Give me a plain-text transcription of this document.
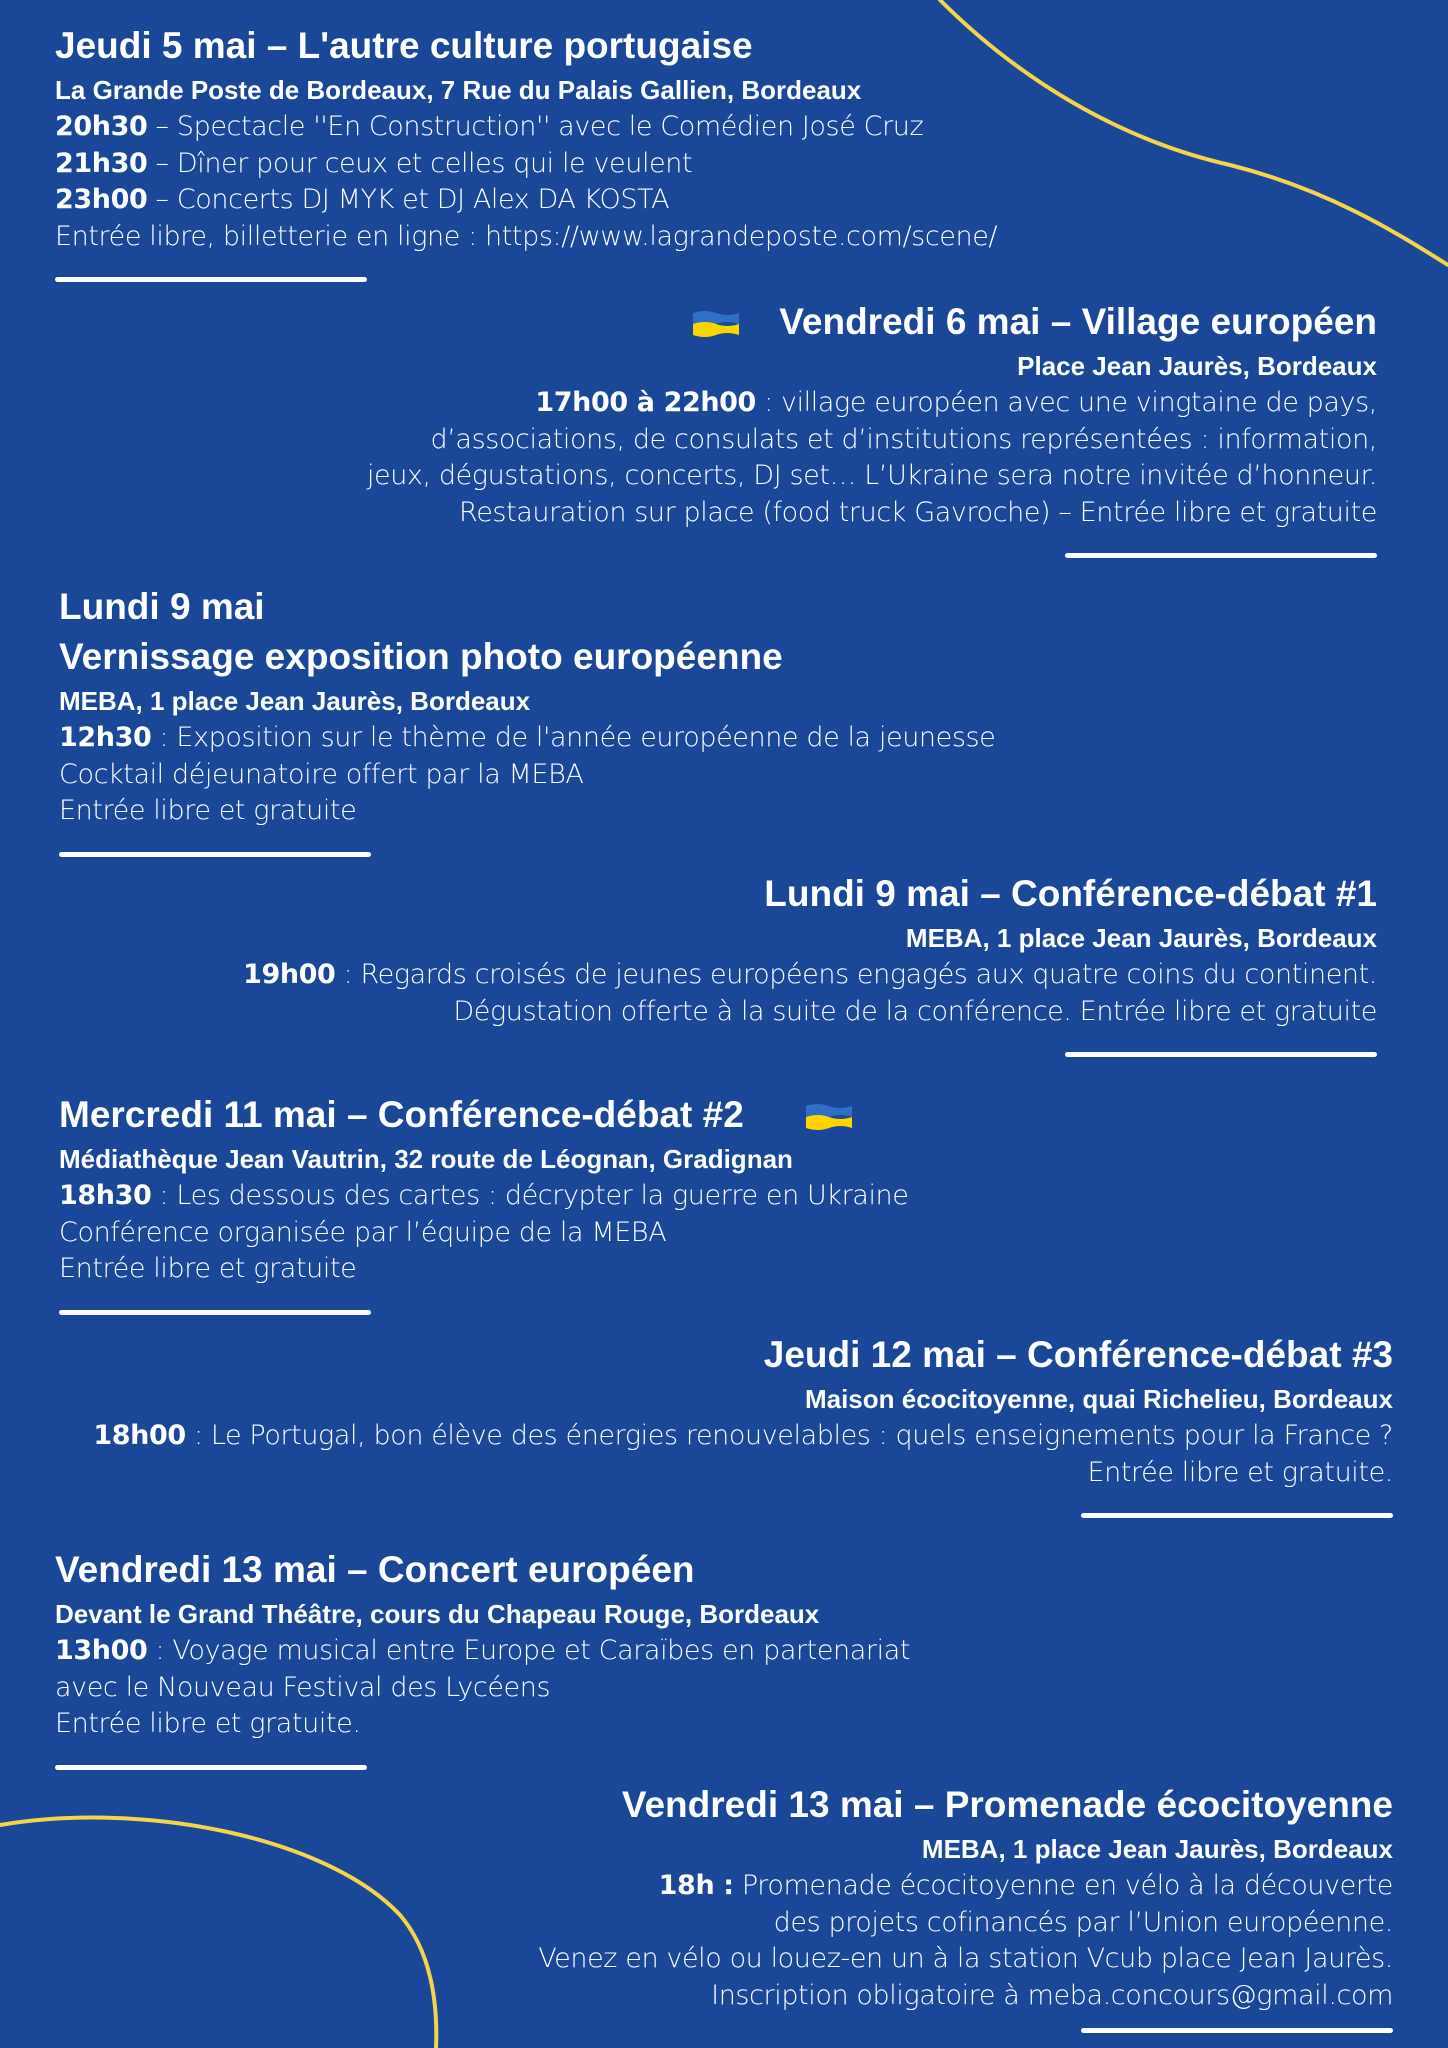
Jeudi 5 mai – L'autre culture portugaise
La Grande Poste de Bordeaux, 7 Rue du Palais Gallien, Bordeaux
20h30 – Spectacle ''En Construction'' avec le Comédien José Cruz
21h30 – Dîner pour ceux et celles qui le veulent
23h00 – Concerts DJ MYK et DJ Alex DA KOSTA
Entrée libre, billetterie en ligne : https://www.lagrandeposte.com/scene/
Vendredi 6 mai – Village européen
Place Jean Jaurès, Bordeaux
17h00 à 22h00 : village européen avec une vingtaine de pays,
d’associations, de consulats et d’institutions représentées : information,
jeux, dégustations, concerts, DJ set… L’Ukraine sera notre invitée d’honneur.
Restauration sur place (food truck Gavroche) – Entrée libre et gratuite
Lundi 9 mai
Vernissage exposition photo européenne
MEBA, 1 place Jean Jaurès, Bordeaux
12h30 : Exposition sur le thème de l'année européenne de la jeunesse
Cocktail déjeunatoire offert par la MEBA
Entrée libre et gratuite
Lundi 9 mai – Conférence-débat #1
MEBA, 1 place Jean Jaurès, Bordeaux
19h00 : Regards croisés de jeunes européens engagés aux quatre coins du continent.
Dégustation offerte à la suite de la conférence. Entrée libre et gratuite
Mercredi 11 mai – Conférence-débat #2
Médiathèque Jean Vautrin, 32 route de Léognan, Gradignan
18h30 : Les dessous des cartes : décrypter la guerre en Ukraine
Conférence organisée par l’équipe de la MEBA
Entrée libre et gratuite
Jeudi 12 mai – Conférence-débat #3
Maison écocitoyenne, quai Richelieu, Bordeaux
18h00 : Le Portugal, bon élève des énergies renouvelables : quels enseignements pour la France ?
Entrée libre et gratuite.
Vendredi 13 mai – Concert européen
Devant le Grand Théâtre, cours du Chapeau Rouge, Bordeaux
13h00 : Voyage musical entre Europe et Caraïbes en partenariat
avec le Nouveau Festival des Lycéens
Entrée libre et gratuite.
Vendredi 13 mai – Promenade écocitoyenne
MEBA, 1 place Jean Jaurès, Bordeaux
18h : Promenade écocitoyenne en vélo à la découverte
des projets cofinancés par l’Union européenne.
Venez en vélo ou louez-en un à la station Vcub place Jean Jaurès.
Inscription obligatoire à meba.concours@gmail.com
